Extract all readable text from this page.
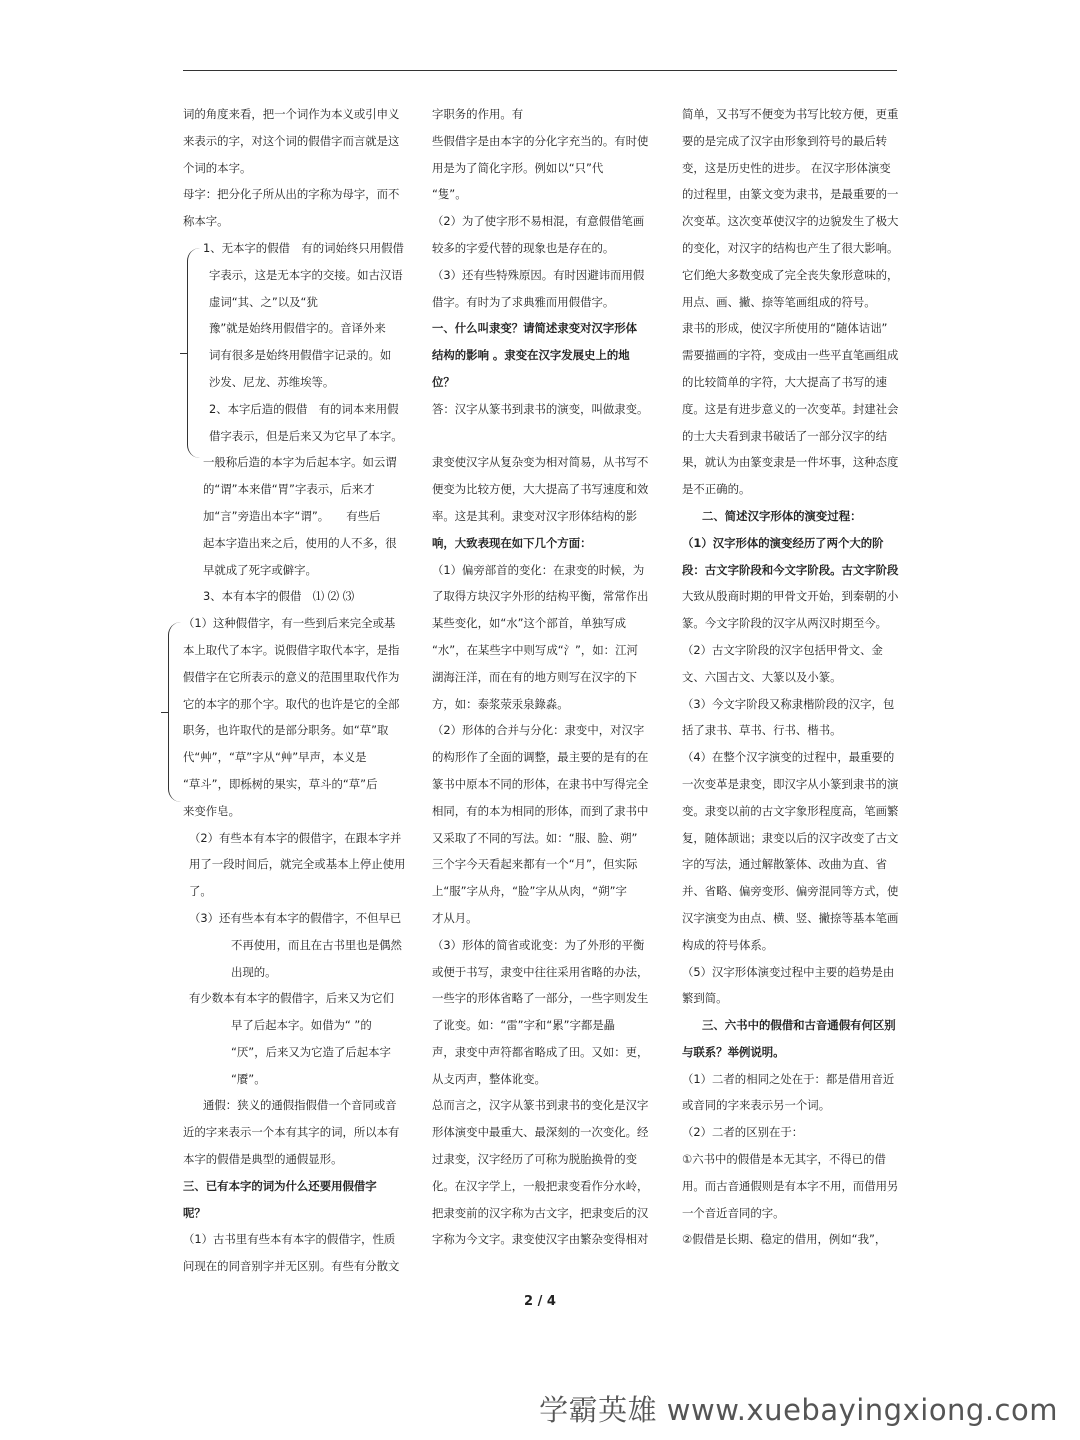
词的角度来看，把一个词作为本义或引申义

来表示的字，对这个词的假借字而言就是这

个词的本字。

母字：把分化子所从出的字称为母字，而不

称本字。

1、无本字的假借　有的词始终只用假借

字表示，这是无本字的交接。如古汉语

虚词“其、之”以及“犹

豫”就是始终用假借字的。音译外来

词有很多是始终用假借字记录的。如

沙发、尼龙、苏维埃等。

2、本字后造的假借　有的词本来用假

借字表示，但是后来又为它早了本字。

一般称后造的本字为后起本字。如云谓

的“谓”本来借“胃”字表示，后来才

加“言”旁造出本字“谓”。　　有些后

起本字造出来之后，使用的人不多，很

早就成了死字或僻字。

3、本有本字的假借　⑴ ⑵ ⑶

（1）这种假借字，有一些到后来完全或基

本上取代了本字。说假借字取代本字，是指

假借字在它所表示的意义的范围里取代作为

它的本字的那个字。取代的也许是它的全部

职务，也许取代的是部分职务。如“草”取

代“艸”，“草”字从“艸”早声，本义是

“草斗”，即栎树的果实，草斗的“草”后

来变作皂。

（2）有些本有本字的假借字，在跟本字并

用了一段时间后，就完全或基本上停止使用

了。

（3）还有些本有本字的假借字，不但早已

不再使用，而且在古书里也是偶然

出现的。

有少数本有本字的假借字，后来又为它们

早了后起本字。如借为“ ”的

“厌”，后来又为它造了后起本字

“餍”。

通假：狭义的通假指假借一个音同或音

近的字来表示一个本有其字的词，所以本有

本字的假借是典型的通假显形。

三、已有本字的词为什么还要用假借字

呢？

（1）古书里有些本有本字的假借字，性质

问现在的同音别字并无区别。有些有分散文

字职务的作用。有

些假借字是由本字的分化字充当的。有时使

用是为了简化字形。例如以“只”代

“隻”。

（2）为了使字形不易相混，有意假借笔画

较多的字爱代替的现象也是存在的。

（3）还有些特殊原因。有时因避讳而用假

借字。有时为了求典雅而用假借字。

一、什么叫隶变？请简述隶变对汉字形体

结构的影响 。隶变在汉字发展史上的地

位？

答：汉字从篆书到隶书的演变，叫做隶变。

隶变使汉字从复杂变为相对简易，从书写不

便变为比较方便，大大提高了书写速度和效

率。这是其利。隶变对汉字形体结构的影

响，大致表现在如下几个方面：

（1）偏旁部首的变化：在隶变的时候，为

了取得方块汉字外形的结构平衡，常常作出

某些变化，如“水”这个部首，单独写成

“水”，在某些字中则写成“氵”，如：江河

湖海汪洋，而在有的地方则写在汉字的下

方，如：泰浆荥汞泉錄淼。

（2）形体的合并与分化：隶变中，对汉字

的构形作了全面的调整，最主要的是有的在

篆书中原本不同的形体，在隶书中写得完全

相同，有的本为相同的形体，而到了隶书中

又采取了不同的写法。如：“服、脸、朔”

三个字今天看起来都有一个“月”，但实际

上“服”字从舟，“脸”字从从肉，“朔”字

才从月。

（3）形体的简省或讹变：为了外形的平衡

或便于书写，隶变中往往采用省略的办法，

一些字的形体省略了一部分，一些字则发生

了讹变。如：“雷”字和“累”字都是畾

声，隶变中声符都省略成了田。又如：更，

从攴丙声，整体讹变。

总而言之，汉字从篆书到隶书的变化是汉字

形体演变中最重大、最深刻的一次变化。经

过隶变，汉字经历了可称为脱胎换骨的变

化。在汉字学上，一般把隶变看作分水岭，

把隶变前的汉字称为古文字，把隶变后的汉

字称为今文字。隶变使汉字由繁杂变得相对

简单，又书写不便变为书写比较方便，更重

要的是完成了汉字由形象到符号的最后转

变，这是历史性的进步。 在汉字形体演变

的过程里，由篆文变为隶书，是最重要的一

次变革。这次变革使汉字的边貌发生了极大

的变化，对汉字的结构也产生了很大影响。

它们绝大多数变成了完全丧失象形意味的，

用点、画、撇、捺等笔画组成的符号。

隶书的形成，使汉字所使用的“随体诘诎”

需要描画的字符，变成由一些平直笔画组成

的比较简单的字符，大大提高了书写的速

度。这是有进步意义的一次变革。封建社会

的士大夫看到隶书破话了一部分汉字的结

果，就认为由篆变隶是一件坏事，这种态度

是不正确的。

二、简述汉字形体的演变过程：

（1）汉字形体的演变经历了两个大的阶

段：古文字阶段和今文字阶段。古文字阶段

大致从殷商时期的甲骨文开始，到秦朝的小

篆。今文字阶段的汉字从两汉时期至今。

（2）古文字阶段的汉字包括甲骨文、金

文、六国古文、大篆以及小篆。

（3）今文字阶段又称隶楷阶段的汉字，包

括了隶书、草书、行书、楷书。

（4）在整个汉字演变的过程中，最重要的

一次变革是隶变，即汉字从小篆到隶书的演

变。隶变以前的古文字象形程度高，笔画繁

复，随体颉诎；隶变以后的汉字改变了古文

字的写法，通过解散篆体、改曲为直、省

并、省略、偏旁变形、偏旁混同等方式，使

汉字演变为由点、横、竖、撇捺等基本笔画

构成的符号体系。

（5）汉字形体演变过程中主要的趋势是由

繁到简。

三、六书中的假借和古音通假有何区别

与联系？举例说明。

（1）二者的相同之处在于：都是借用音近

或音同的字来表示另一个词。

（2）二者的区别在于：

①六书中的假借是本无其字，不得已的借

用。而古音通假则是有本字不用，而借用另

一个音近音同的字。

②假借是长期、稳定的借用，例如“我”，

2 / 4
学霸英雄 www.xuebayingxiong.com
